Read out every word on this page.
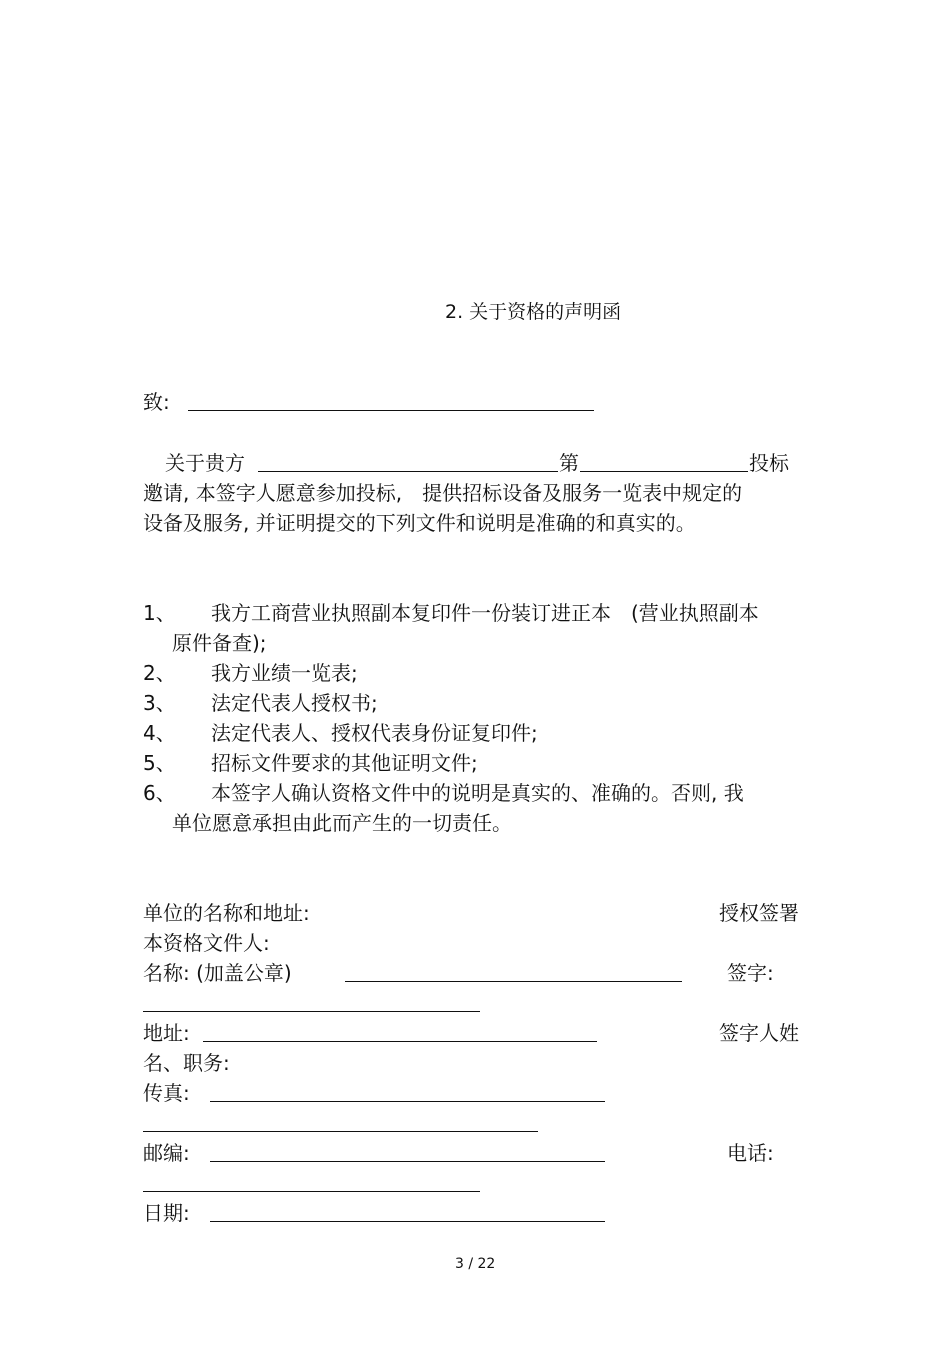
2. 关于资格的声明函
致:
关于贵方	第	投标
邀请, 本签字人愿意参加投标,　提供招标设备及服务一览表中规定的
设备及服务, 并证明提交的下列文件和说明是准确的和真实的。
1、 我方工商营业执照副本复印件一份装订进正本　(营业执照副本
原件备查);
2、 我方业绩一览表;
3、 法定代表人授权书;
4、 法定代表人、授权代表身份证复印件;
5、 招标文件要求的其他证明文件;
6、 本签字人确认资格文件中的说明是真实的、准确的。否则, 我
单位愿意承担由此而产生的一切责任。
单位的名称和地址:	授权签署
本资格文件人:
名称: (加盖公章)	签字:
地址:	签字人姓
名、职务:
传真:
邮编:	电话:
日期:
3 / 22
